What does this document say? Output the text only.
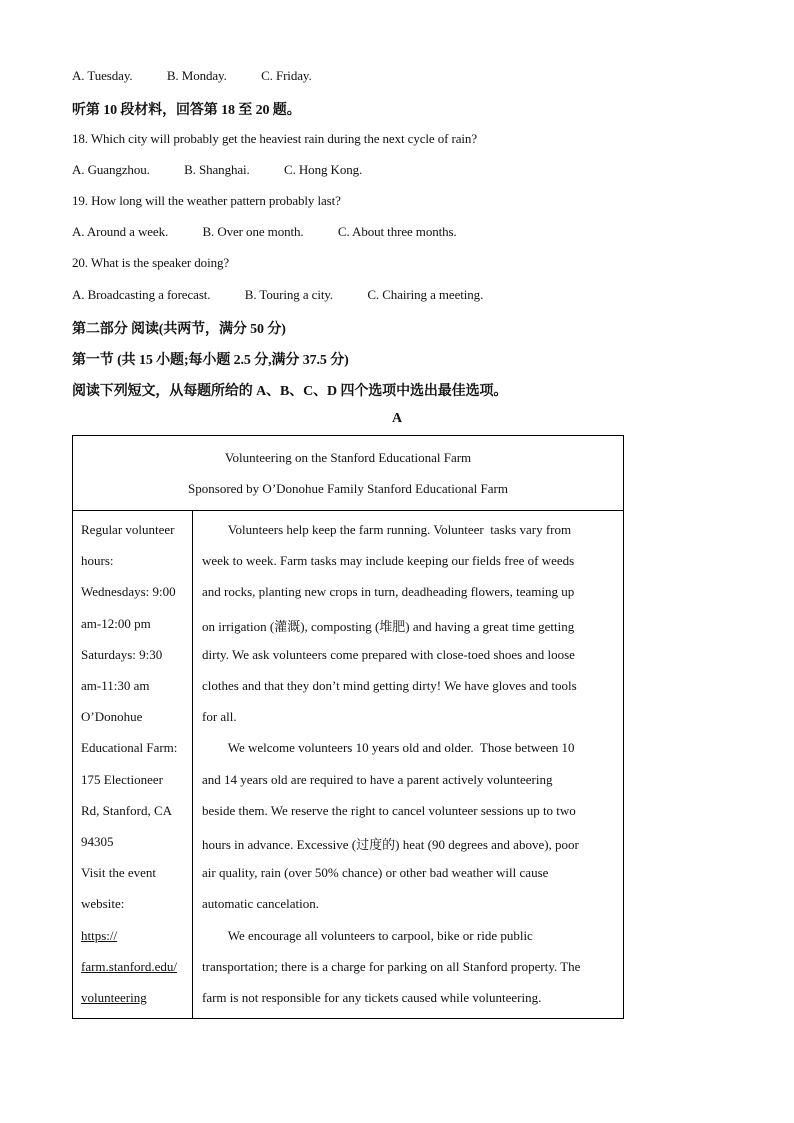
A. Tuesday.	B. Monday.	C. Friday.
听第 10 段材料，回答第 18 至 20 题。
18. Which city will probably get the heaviest rain during the next cycle of rain?
A. Guangzhou.	B. Shanghai.	C. Hong Kong.
19. How long will the weather pattern probably last?
A. Around a week.	B. Over one month.	C. About three months.
20. What is the speaker doing?
A. Broadcasting a forecast.	B. Touring a city.	C. Chairing a meeting.
第二部分 阅读(共两节，满分 50 分)
第一节 (共 15 小题;每小题 2.5 分,满分 37.5 分)
阅读下列短文，从每题所给的 A、B、C、D 四个选项中选出最佳选项。
A
Volunteering on the Stanford Educational Farm
Sponsored by O’Donohue Family Stanford Educational Farm
Regular volunteer
hours:
Wednesdays: 9:00
am-12:00 pm
Saturdays: 9:30
am-11:30 am
O’Donohue
Educational Farm:
175 Electioneer
Rd, Stanford, CA
94305
Visit the event
website:
https://
farm.stanford.edu/
volunteering
Volunteers help keep the farm running. Volunteer  tasks vary from
week to week. Farm tasks may include keeping our fields free of weeds
and rocks, planting new crops in turn, deadheading flowers, teaming up
on irrigation (灌溉), composting (堆肥) and having a great time getting
dirty. We ask volunteers come prepared with close-toed shoes and loose
clothes and that they don’t mind getting dirty! We have gloves and tools
for all.
We welcome volunteers 10 years old and older.  Those between 10
and 14 years old are required to have a parent actively volunteering
beside them. We reserve the right to cancel volunteer sessions up to two
hours in advance. Excessive (过度的) heat (90 degrees and above), poor
air quality, rain (over 50% chance) or other bad weather will cause
automatic cancelation.
We encourage all volunteers to carpool, bike or ride public
transportation; there is a charge for parking on all Stanford property. The
farm is not responsible for any tickets caused while volunteering.
